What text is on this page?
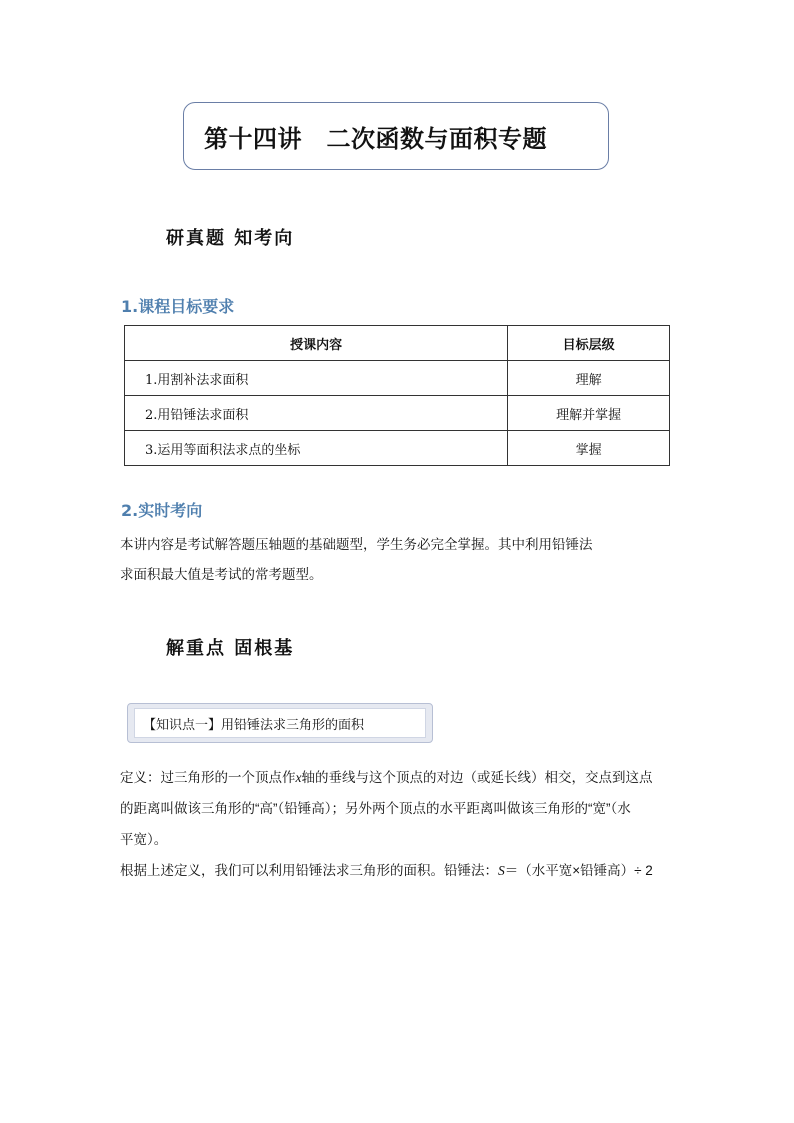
第十四讲　二次函数与面积专题
研真题 知考向
1.课程目标要求
授课内容	目标层级
1.用割补法求面积	理解
2.用铅锤法求面积	理解并掌握
3.运用等面积法求点的坐标	掌握
2.实时考向

本讲内容是考试解答题压轴题的基础题型，学生务必完全掌握。其中利用铅锤法

求面积最大值是考试的常考题型。

解重点 固根基
【知识点一】用铅锤法求三角形的面积

定义：过三角形的一个顶点作x轴的垂线与这个顶点的对边（或延长线）相交，交点到这点

的距离叫做该三角形的“高”（铅锤高）；另外两个顶点的水平距离叫做该三角形的“宽”（水

平宽）。

根据上述定义，我们可以利用铅锤法求三角形的面积。铅锤法：S＝（水平宽×铅锤高）÷ 2
